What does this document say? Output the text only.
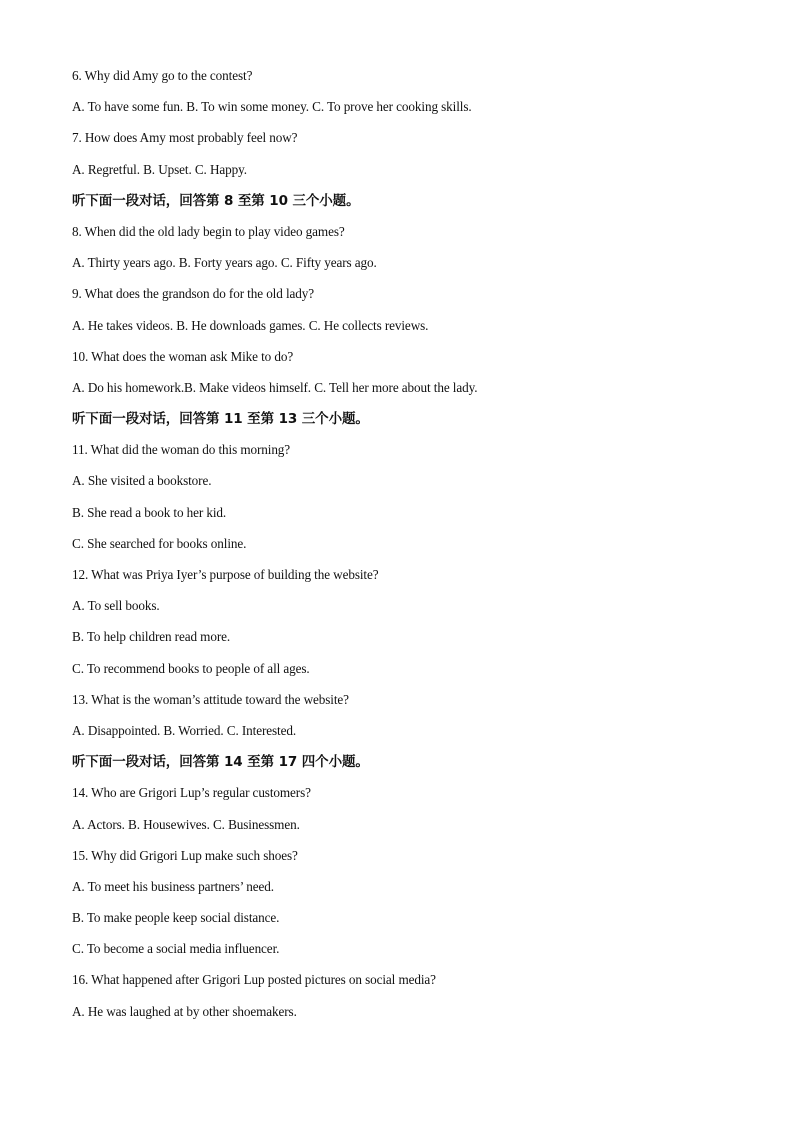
6. Why did Amy go to the contest?
A. To have some fun. B. To win some money. C. To prove her cooking skills.
7. How does Amy most probably feel now?
A. Regretful. B. Upset. C. Happy.
听下面一段对话，回答第 8 至第 10 三个小题。
8. When did the old lady begin to play video games?
A. Thirty years ago. B. Forty years ago. C. Fifty years ago.
9. What does the grandson do for the old lady?
A. He takes videos. B. He downloads games. C. He collects reviews.
10. What does the woman ask Mike to do?
A. Do his homework.B. Make videos himself. C. Tell her more about the lady.
听下面一段对话，回答第 11 至第 13 三个小题。
11. What did the woman do this morning?
A. She visited a bookstore.
B. She read a book to her kid.
C. She searched for books online.
12. What was Priya Iyer’s purpose of building the website?
A. To sell books.
B. To help children read more.
C. To recommend books to people of all ages.
13. What is the woman’s attitude toward the website?
A. Disappointed. B. Worried. C. Interested.
听下面一段对话，回答第 14 至第 17 四个小题。
14. Who are Grigori Lup’s regular customers?
A. Actors. B. Housewives. C. Businessmen.
15. Why did Grigori Lup make such shoes?
A. To meet his business partners’ need.
B. To make people keep social distance.
C. To become a social media influencer.
16. What happened after Grigori Lup posted pictures on social media?
A. He was laughed at by other shoemakers.
